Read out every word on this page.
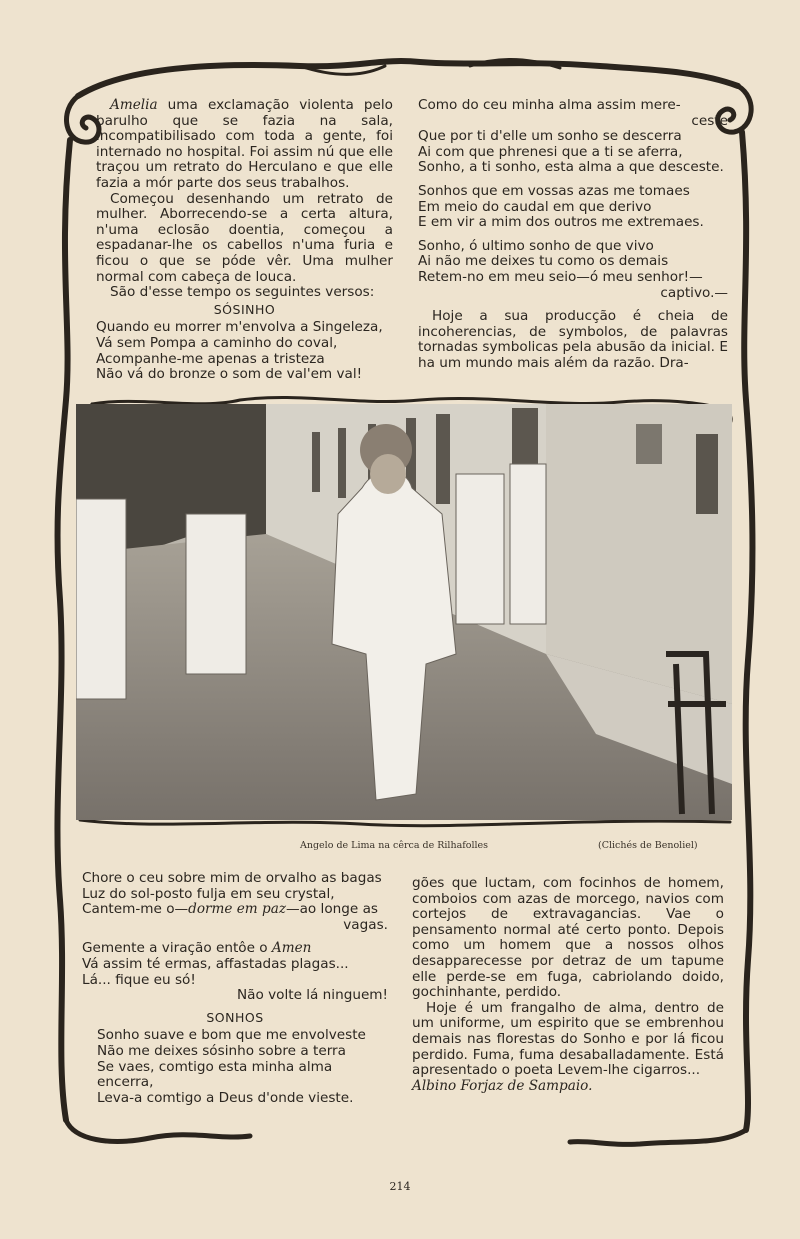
Amelia uma exclamação violenta pelo barulho que se fazia na sala, incompatibilisado com toda a gente, foi internado no hospital. Foi assim nú que elle traçou um retrato do Herculano e que elle fazia a mór parte dos seus trabalhos.

Começou desenhando um retrato de mulher. Aborrecendo-se a certa altura, n'uma eclosão doentia, começou a espadanar-lhe os cabellos n'uma furia e ficou o que se póde vêr. Uma mulher normal com cabeça de louca.

São d'esse tempo os seguintes versos:

SÓSINHO

Quando eu morrer m'envolva a Singeleza,

Vá sem Pompa a caminho do coval,

Acompanhe-me apenas a tristeza

Não vá do bronze o som de val'em val!

Como do ceu minha alma assim mere-

ceste

Que por ti d'elle um sonho se descerra

Ai com que phrenesi que a ti se aferra,

Sonho, a ti sonho, esta alma a que desceste.

Sonhos que em vossas azas me tomaes

Em meio do caudal em que derivo

E em vir a mim dos outros me extremaes.

Sonho, ó ultimo sonho de que vivo

Ai não me deixes tu como os demais

Retem-no em meu seio—ó meu senhor!—

captivo.—

Hoje a sua producção é cheia de incoherencias, de symbolos, de palavras tornadas symbolicas pela abusão da inicial. E ha um mundo mais além da razão. Dra-

Angelo de Lima na cêrca de Rilhafolles	(Clichés de Benoliel)

Chore o ceu sobre mim de orvalho as bagas

Luz do sol-posto fulja em seu crystal,

Cantem-me o—dorme em paz—ao longe as

vagas.

Gemente a viração entôe o Amen

Vá assim té ermas, affastadas plagas...

Lá... fique eu só!

Não volte lá ninguem!

SONHOS

Sonho suave e bom que me envolveste

Não me deixes sósinho sobre a terra

Se vaes, comtigo esta minha alma encerra,

Leva-a comtigo a Deus d'onde vieste.

gões que luctam, com focinhos de homem, comboios com azas de morcego, navios com cortejos de extravagancias. Vae o pensamento normal até certo ponto. Depois como um homem que a nossos olhos desapparecesse por detraz de um tapume elle perde-se em fuga, cabriolando doido, gochinhante, perdido.

Hoje é um frangalho de alma, dentro de um uniforme, um espirito que se embrenhou demais nas florestas do Sonho e por lá ficou perdido. Fuma, fuma desaballadamente. Está apresentado o poeta Levem-lhe cigarros...

Albino Forjaz de Sampaio.

214
